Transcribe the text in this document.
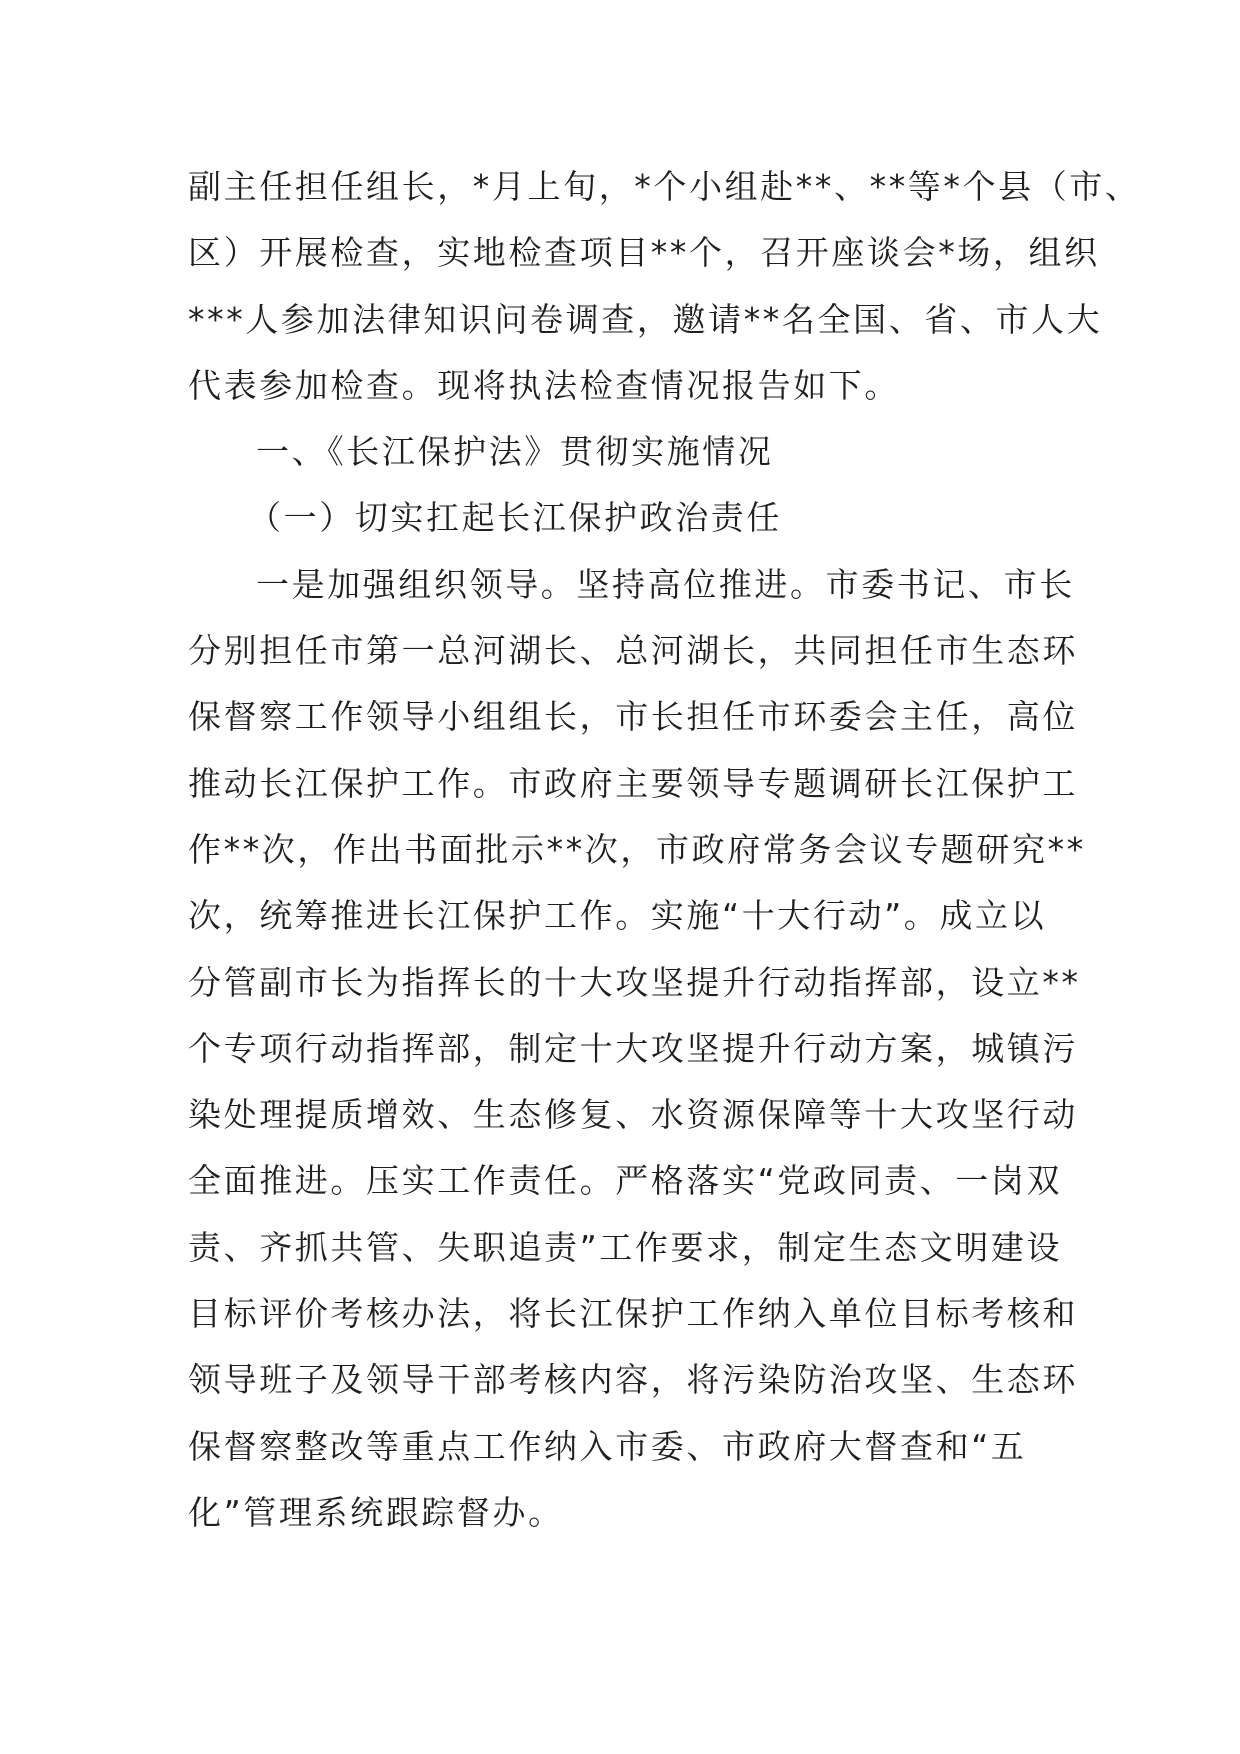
副主任担任组长，*月上旬，*个小组赴**、**等*个县（市、
区）开展检查，实地检查项目**个，召开座谈会*场，组织
***人参加法律知识问卷调查，邀请**名全国、省、市人大
代表参加检查。现将执法检查情况报告如下。
一、《长江保护法》贯彻实施情况
（一）切实扛起长江保护政治责任
一是加强组织领导。坚持高位推进。市委书记、市长
分别担任市第一总河湖长、总河湖长，共同担任市生态环
保督察工作领导小组组长，市长担任市环委会主任，高位
推动长江保护工作。市政府主要领导专题调研长江保护工
作**次，作出书面批示**次，市政府常务会议专题研究**
次，统筹推进长江保护工作。实施“十大行动”。成立以
分管副市长为指挥长的十大攻坚提升行动指挥部，设立**
个专项行动指挥部，制定十大攻坚提升行动方案，城镇污
染处理提质增效、生态修复、水资源保障等十大攻坚行动
全面推进。压实工作责任。严格落实“党政同责、一岗双
责、齐抓共管、失职追责”工作要求，制定生态文明建设
目标评价考核办法，将长江保护工作纳入单位目标考核和
领导班子及领导干部考核内容，将污染防治攻坚、生态环
保督察整改等重点工作纳入市委、市政府大督查和“五
化”管理系统跟踪督办。
